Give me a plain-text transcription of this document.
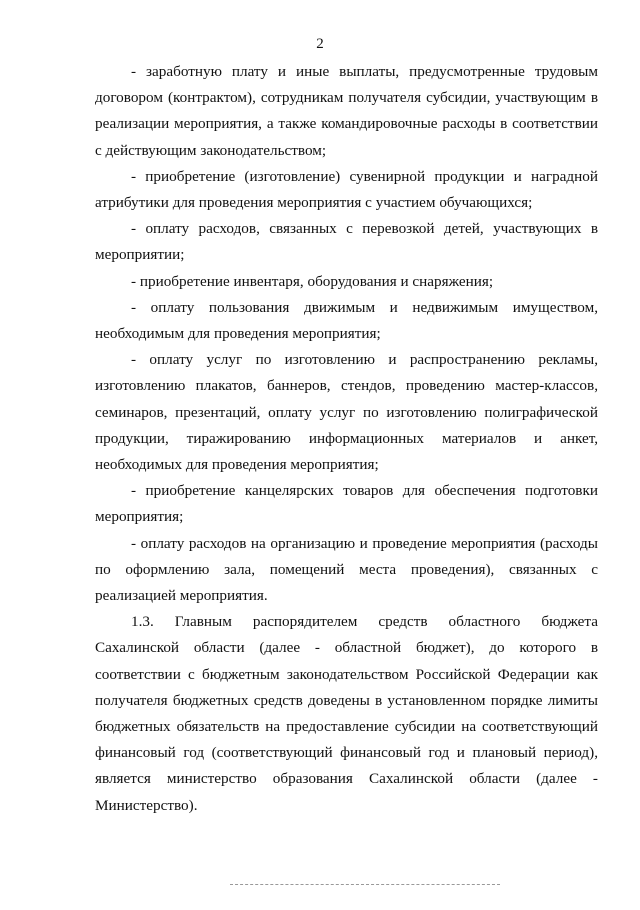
2

- заработную плату и иные выплаты, предусмотренные трудовым договором (контрактом), сотрудникам получателя субсидии, участвующим в реализации мероприятия, а также командировочные расходы в соответствии с действующим законодательством;

- приобретение (изготовление) сувенирной продукции и наградной атрибутики для проведения мероприятия с участием обучающихся;

- оплату расходов, связанных с перевозкой детей, участвующих в мероприятии;

- приобретение инвентаря, оборудования и снаряжения;

- оплату пользования движимым и недвижимым имуществом, необходимым для проведения мероприятия;

- оплату услуг по изготовлению и распространению рекламы, изготовлению плакатов, баннеров, стендов, проведению мастер-классов, семинаров, презентаций, оплату услуг по изготовлению полиграфической продукции, тиражированию информационных материалов и анкет, необходимых для проведения мероприятия;

- приобретение канцелярских товаров для обеспечения подготовки мероприятия;

- оплату расходов на организацию и проведение мероприятия (расходы по оформлению зала, помещений места проведения), связанных с реализацией мероприятия.

1.3. Главным распорядителем средств областного бюджета Сахалинской области (далее - областной бюджет), до которого в соответствии с бюджетным законодательством Российской Федерации как получателя бюджетных средств доведены в установленном порядке лимиты бюджетных обязательств на предоставление субсидии на соответствующий финансовый год (соответствующий финансовый год и плановый период), является министерство образования Сахалинской области (далее - Министерство).
